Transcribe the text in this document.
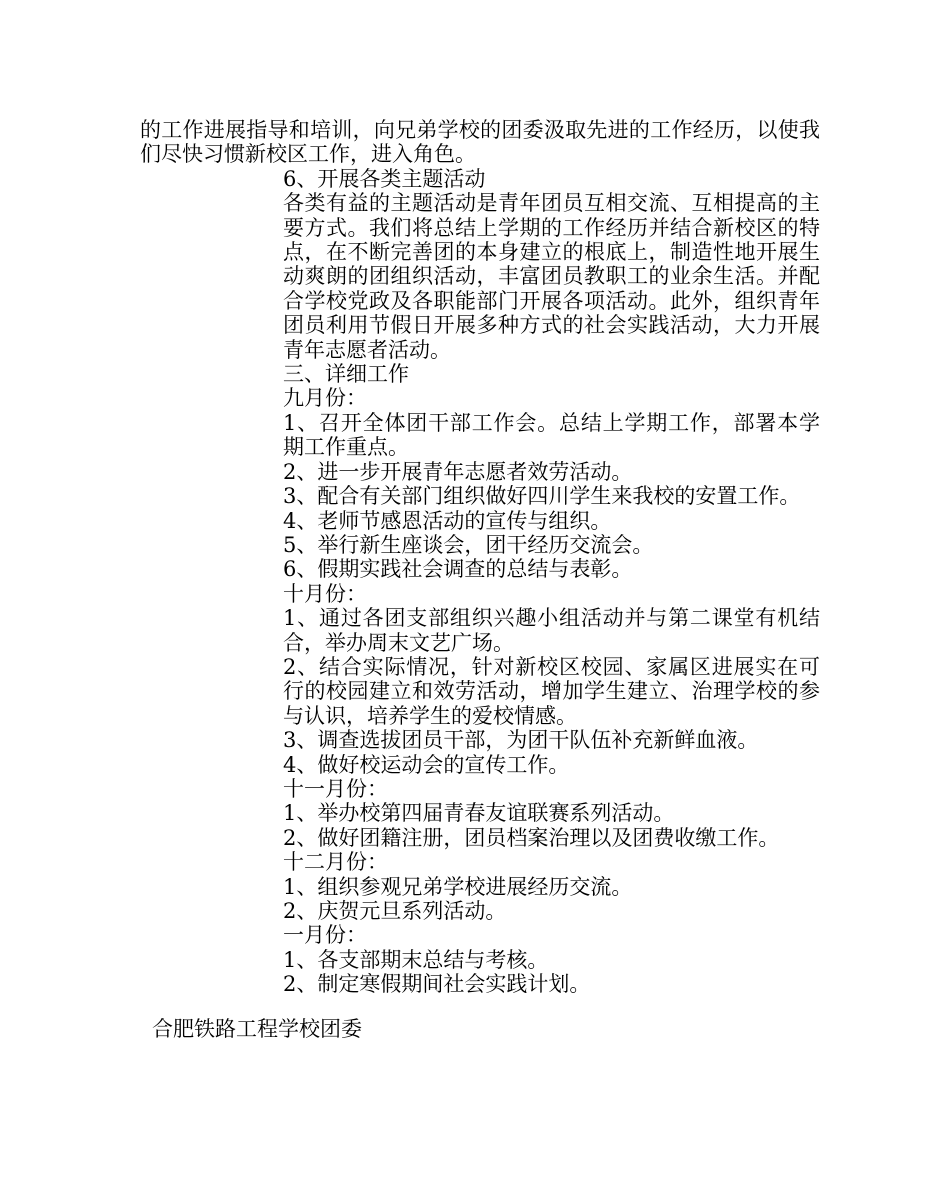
的工作进展指导和培训，向兄弟学校的团委汲取先进的工作经历，以使我们尽快习惯新校区工作，进入角色。

6、开展各类主题活动

各类有益的主题活动是青年团员互相交流、互相提高的主要方式。我们将总结上学期的工作经历并结合新校区的特点，在不断完善团的本身建立的根底上，制造性地开展生动爽朗的团组织活动，丰富团员教职工的业余生活。并配合学校党政及各职能部门开展各项活动。此外，组织青年团员利用节假日开展多种方式的社会实践活动，大力开展青年志愿者活动。

三、详细工作

九月份：

1、召开全体团干部工作会。总结上学期工作，部署本学期工作重点。

2、进一步开展青年志愿者效劳活动。

3、配合有关部门组织做好四川学生来我校的安置工作。

4、老师节感恩活动的宣传与组织。

5、举行新生座谈会，团干经历交流会。

6、假期实践社会调查的总结与表彰。

十月份：

1、通过各团支部组织兴趣小组活动并与第二课堂有机结合，举办周末文艺广场。

2、结合实际情况，针对新校区校园、家属区进展实在可行的校园建立和效劳活动，增加学生建立、治理学校的参与认识，培养学生的爱校情感。

3、调查选拔团员干部，为团干队伍补充新鲜血液。

4、做好校运动会的宣传工作。

十一月份：

1、举办校第四届青春友谊联赛系列活动。

2、做好团籍注册，团员档案治理以及团费收缴工作。

十二月份：

1、组织参观兄弟学校进展经历交流。

2、庆贺元旦系列活动。

一月份：

1、各支部期末总结与考核。

2、制定寒假期间社会实践计划。

合肥铁路工程学校团委
